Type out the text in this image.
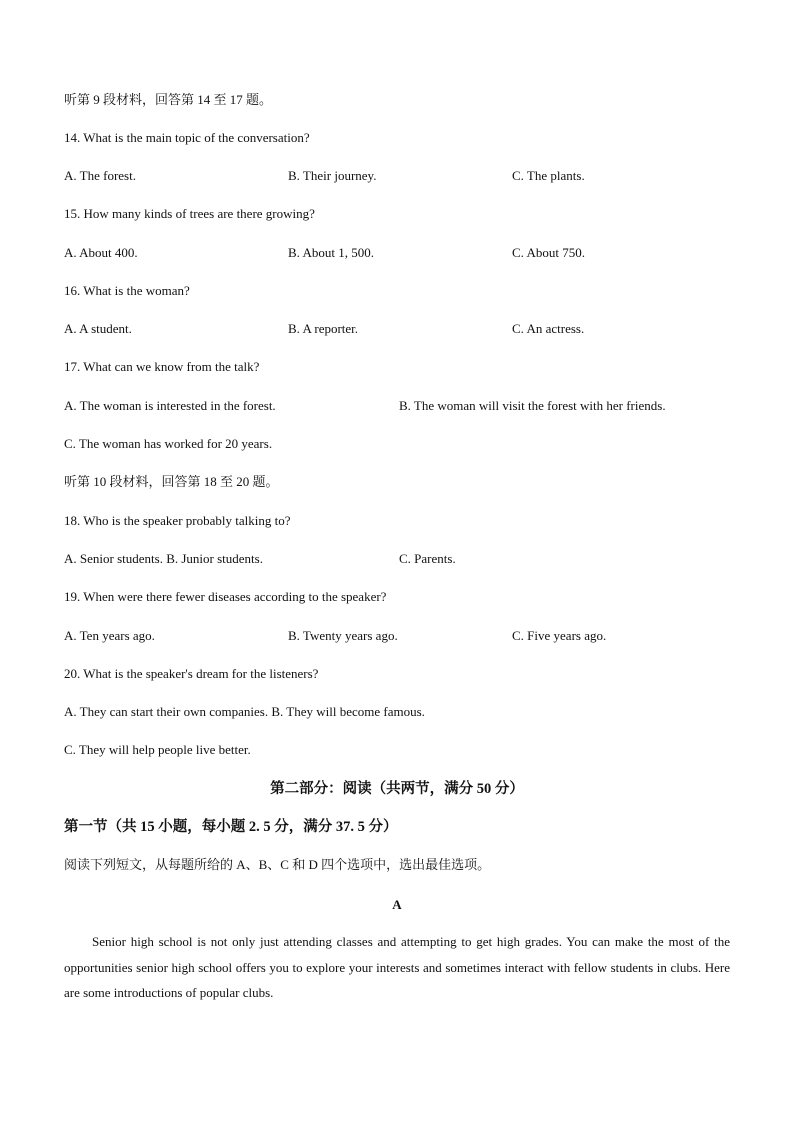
听第 9 段材料，回答第 14 至 17 题。
14. What is the main topic of the conversation?
A. The forest.	B. Their journey.	C. The plants.
15. How many kinds of trees are there growing?
A. About 400.	B. About 1, 500.	C. About 750.
16. What is the woman?
A. A student.	B. A reporter.	C. An actress.
17. What can we know from the talk?
A. The woman is interested in the forest.	B. The woman will visit the forest with her friends.
C. The woman has worked for 20 years.
听第 10 段材料，回答第 18 至 20 题。
18. Who is the speaker probably talking to?
A. Senior students. B. Junior students.	C. Parents.
19. When were there fewer diseases according to the speaker?
A. Ten years ago.	B. Twenty years ago.	C. Five years ago.
20. What is the speaker's dream for the listeners?
A. They can start their own companies. B. They will become famous.
C. They will help people live better.
第二部分：阅读（共两节，满分 50 分）
第一节（共 15 小题，每小题 2. 5 分，满分 37. 5 分）
阅读下列短文，从每题所给的 A、B、C 和 D 四个选项中，选出最佳选项。
A
Senior high school is not only just attending classes and attempting to get high grades. You can make the most of the opportunities senior high school offers you to explore your interests and sometimes interact with fellow students in clubs. Here are some introductions of popular clubs.
